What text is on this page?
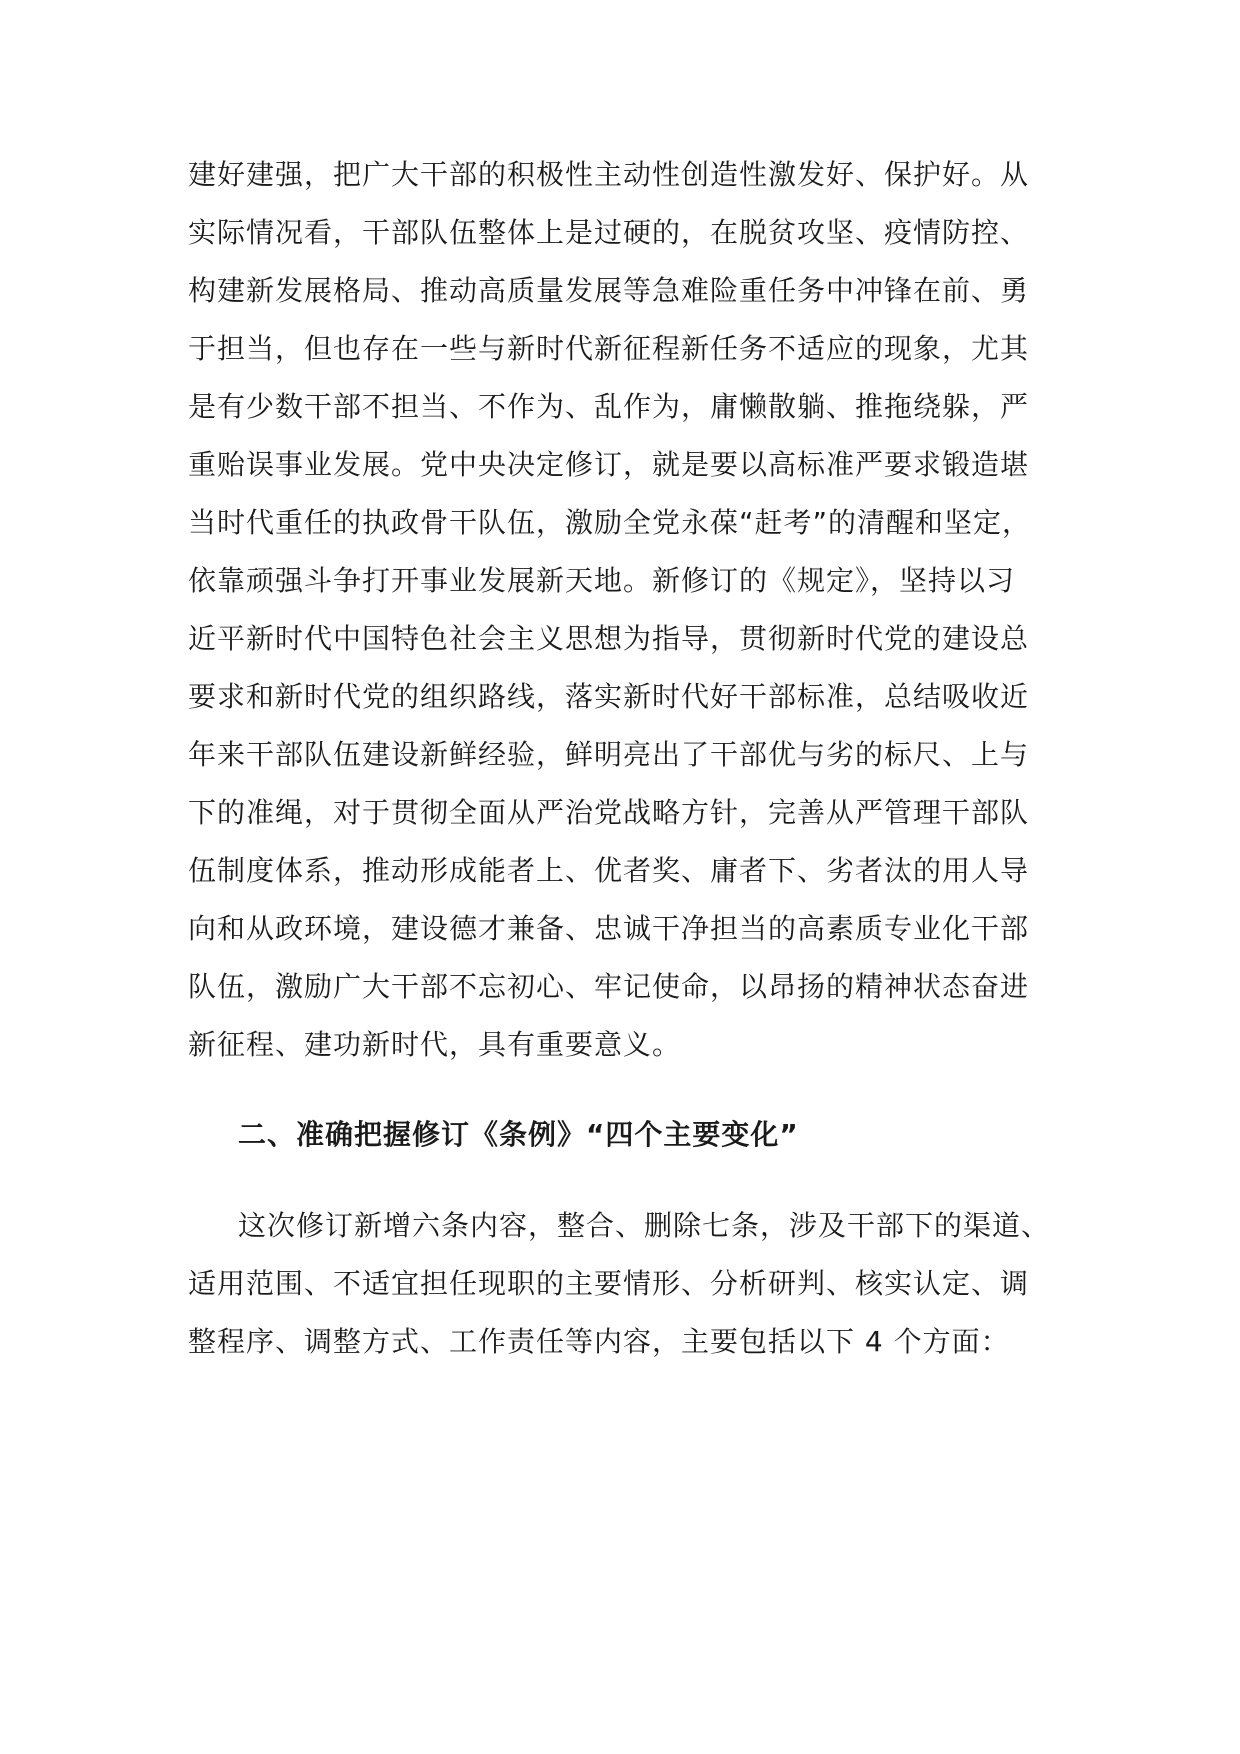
建好建强，把广大干部的积极性主动性创造性激发好、保护好。从
实际情况看，干部队伍整体上是过硬的，在脱贫攻坚、疫情防控、
构建新发展格局、推动高质量发展等急难险重任务中冲锋在前、勇
于担当，但也存在一些与新时代新征程新任务不适应的现象，尤其
是有少数干部不担当、不作为、乱作为，庸懒散躺、推拖绕躲，严
重贻误事业发展。党中央决定修订，就是要以高标准严要求锻造堪
当时代重任的执政骨干队伍，激励全党永葆“赶考”的清醒和坚定，
依靠顽强斗争打开事业发展新天地。新修订的《规定》，坚持以习
近平新时代中国特色社会主义思想为指导，贯彻新时代党的建设总
要求和新时代党的组织路线，落实新时代好干部标准，总结吸收近
年来干部队伍建设新鲜经验，鲜明亮出了干部优与劣的标尺、上与
下的准绳，对于贯彻全面从严治党战略方针，完善从严管理干部队
伍制度体系，推动形成能者上、优者奖、庸者下、劣者汰的用人导
向和从政环境，建设德才兼备、忠诚干净担当的高素质专业化干部
队伍，激励广大干部不忘初心、牢记使命，以昂扬的精神状态奋进
新征程、建功新时代，具有重要意义。
二、准确把握修订《条例》“四个主要变化”
这次修订新增六条内容，整合、删除七条，涉及干部下的渠道、
适用范围、不适宜担任现职的主要情形、分析研判、核实认定、调
整程序、调整方式、工作责任等内容，主要包括以下 4 个方面：
